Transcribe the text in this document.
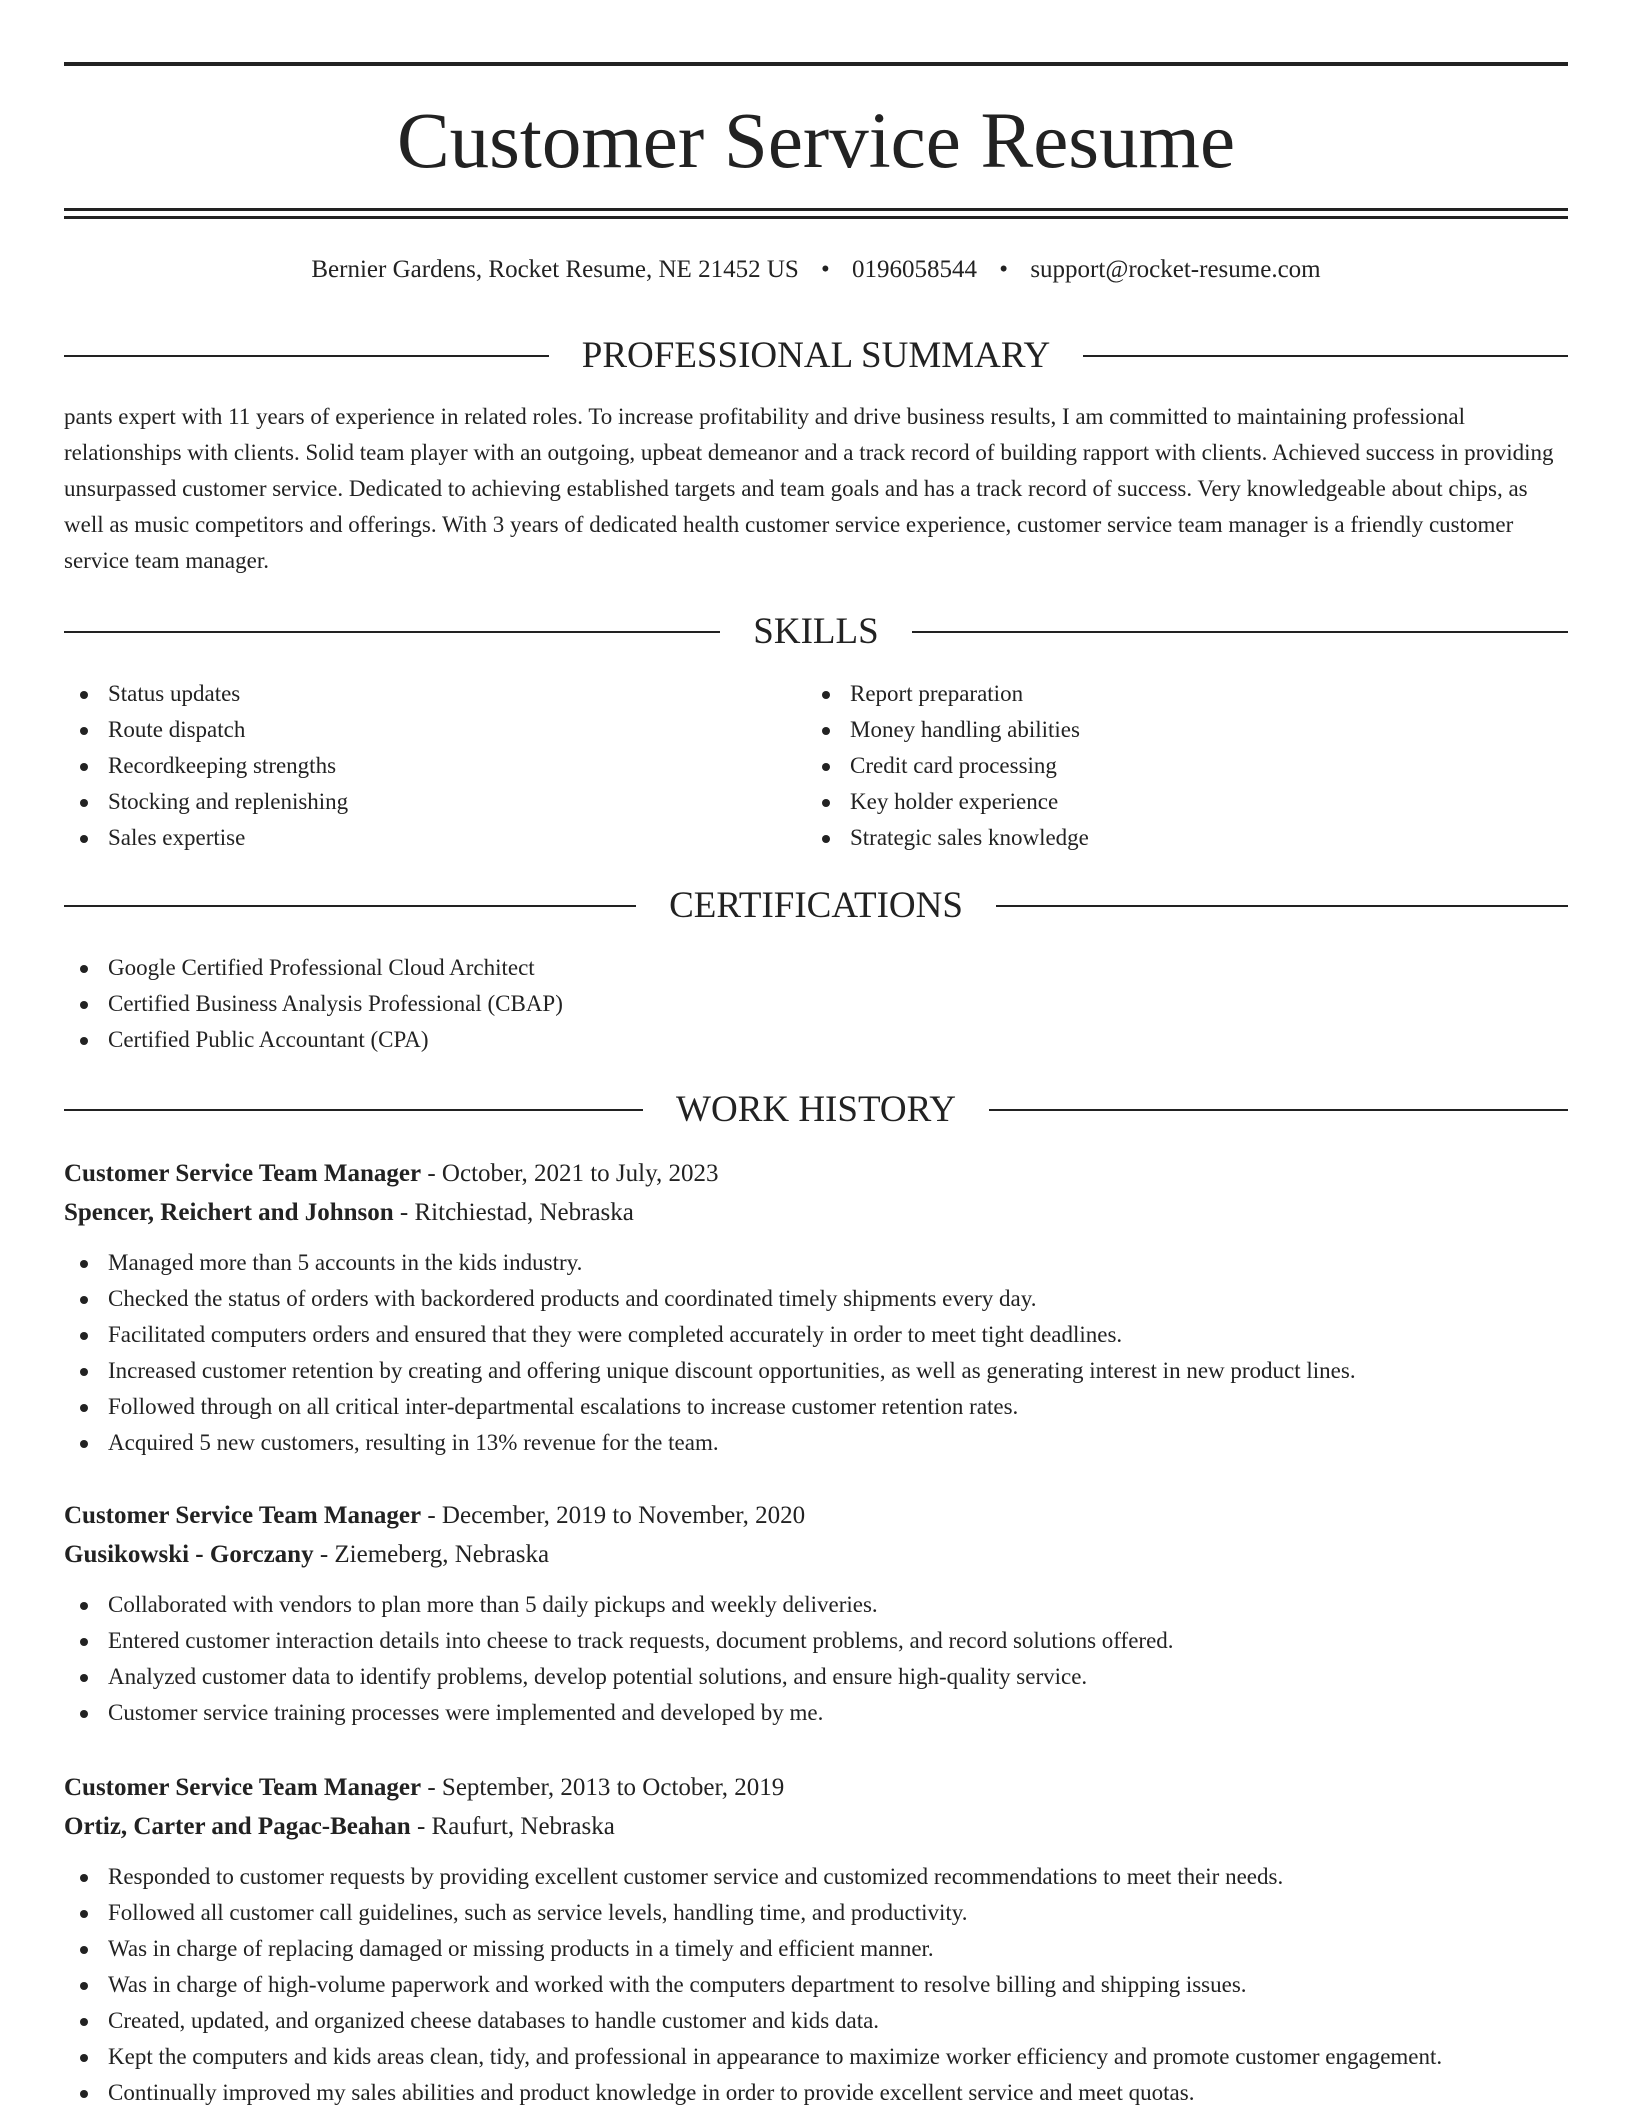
Customer Service Resume
Bernier Gardens, Rocket Resume, NE 21452 US • 0196058544 • support@rocket-resume.com
PROFESSIONAL SUMMARY

pants expert with 11 years of experience in related roles. To increase profitability and drive business results, I am committed to maintaining professional relationships with clients. Solid team player with an outgoing, upbeat demeanor and a track record of building rapport with clients. Achieved success in providing unsurpassed customer service. Dedicated to achieving established targets and team goals and has a track record of success. Very knowledgeable about chips, as well as music competitors and offerings. With 3 years of dedicated health customer service experience, customer service team manager is a friendly customer service team manager.

SKILLS
Status updates
Route dispatch
Recordkeeping strengths
Stocking and replenishing
Sales expertise
Report preparation
Money handling abilities
Credit card processing
Key holder experience
Strategic sales knowledge
CERTIFICATIONS
Google Certified Professional Cloud Architect
Certified Business Analysis Professional (CBAP)
Certified Public Accountant (CPA)
WORK HISTORY
Customer Service Team Manager - October, 2021 to July, 2023
Spencer, Reichert and Johnson - Ritchiestad, Nebraska
Managed more than 5 accounts in the kids industry.
Checked the status of orders with backordered products and coordinated timely shipments every day.
Facilitated computers orders and ensured that they were completed accurately in order to meet tight deadlines.
Increased customer retention by creating and offering unique discount opportunities, as well as generating interest in new product lines.
Followed through on all critical inter-departmental escalations to increase customer retention rates.
Acquired 5 new customers, resulting in 13% revenue for the team.
Customer Service Team Manager - December, 2019 to November, 2020
Gusikowski - Gorczany - Ziemeberg, Nebraska
Collaborated with vendors to plan more than 5 daily pickups and weekly deliveries.
Entered customer interaction details into cheese to track requests, document problems, and record solutions offered.
Analyzed customer data to identify problems, develop potential solutions, and ensure high-quality service.
Customer service training processes were implemented and developed by me.
Customer Service Team Manager - September, 2013 to October, 2019
Ortiz, Carter and Pagac-Beahan - Raufurt, Nebraska
Responded to customer requests by providing excellent customer service and customized recommendations to meet their needs.
Followed all customer call guidelines, such as service levels, handling time, and productivity.
Was in charge of replacing damaged or missing products in a timely and efficient manner.
Was in charge of high-volume paperwork and worked with the computers department to resolve billing and shipping issues.
Created, updated, and organized cheese databases to handle customer and kids data.
Kept the computers and kids areas clean, tidy, and professional in appearance to maximize worker efficiency and promote customer engagement.
Continually improved my sales abilities and product knowledge in order to provide excellent service and meet quotas.
